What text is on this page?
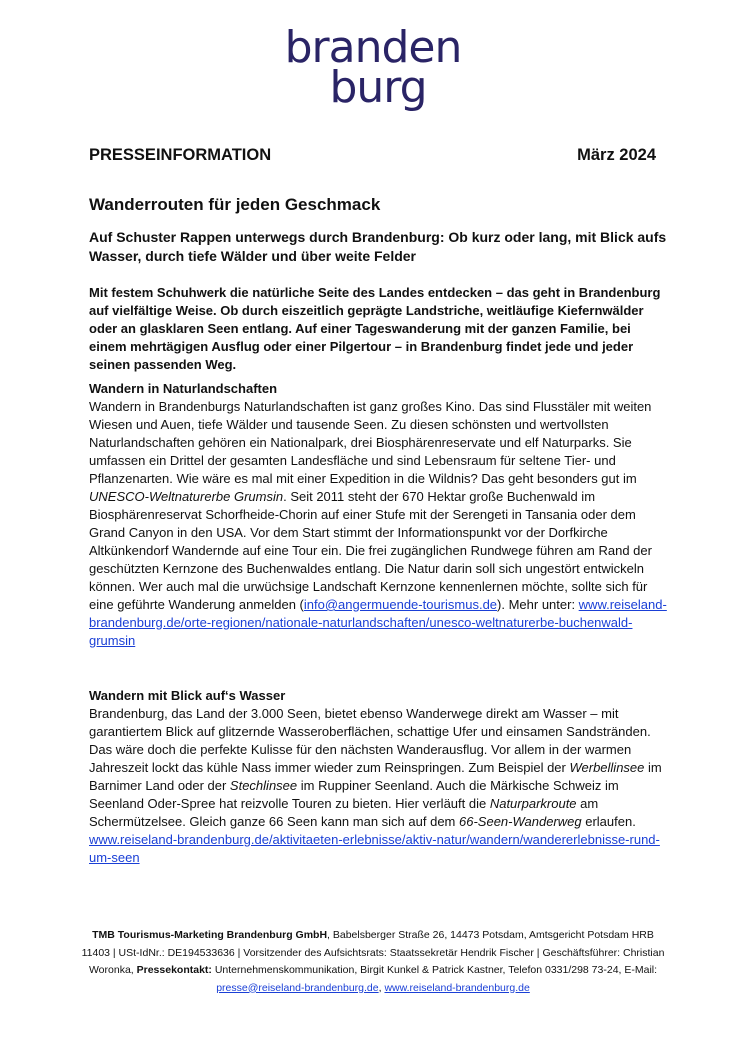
branden
burg
PRESSEINFORMATION	März 2024
Wanderrouten für jeden Geschmack
Auf Schuster Rappen unterwegs durch Brandenburg: Ob kurz oder lang, mit Blick aufs Wasser, durch tiefe Wälder und über weite Felder

Mit festem Schuhwerk die natürliche Seite des Landes entdecken – das geht in Brandenburg auf vielfältige Weise. Ob durch eiszeitlich geprägte Landstriche, weitläufige Kiefernwälder oder an glasklaren Seen entlang. Auf einer Tageswanderung mit der ganzen Familie, bei einem mehrtägigen Ausflug oder einer Pilgertour – in Brandenburg findet jede und jeder seinen passenden Weg.

Wandern in Naturlandschaften

Wandern in Brandenburgs Naturlandschaften ist ganz großes Kino. Das sind Flusstäler mit weiten Wiesen und Auen, tiefe Wälder und tausende Seen. Zu diesen schönsten und wertvollsten Naturlandschaften gehören ein Nationalpark, drei Biosphärenreservate und elf Naturparks. Sie umfassen ein Drittel der gesamten Landesfläche und sind Lebensraum für seltene Tier- und Pflanzenarten. Wie wäre es mal mit einer Expedition in die Wildnis? Das geht besonders gut im UNESCO-Weltnaturerbe Grumsin. Seit 2011 steht der 670 Hektar große Buchenwald im Biosphärenreservat Schorfheide-Chorin auf einer Stufe mit der Serengeti in Tansania oder dem Grand Canyon in den USA. Vor dem Start stimmt der Informationspunkt vor der Dorfkirche Altkünkendorf Wandernde auf eine Tour ein. Die frei zugänglichen Rundwege führen am Rand der geschützten Kernzone des Buchenwaldes entlang. Die Natur darin soll sich ungestört entwickeln können. Wer auch mal die urwüchsige Landschaft Kernzone kennenlernen möchte, sollte sich für eine geführte Wanderung anmelden (info@angermuende-tourismus.de). Mehr unter: www.reiseland-brandenburg.de/orte-regionen/nationale-naturlandschaften/unesco-weltnaturerbe-buchenwald-grumsin

Wandern mit Blick auf‘s Wasser

Brandenburg, das Land der 3.000 Seen, bietet ebenso Wanderwege direkt am Wasser – mit garantiertem Blick auf glitzernde Wasseroberflächen, schattige Ufer und einsamen Sandstränden. Das wäre doch die perfekte Kulisse für den nächsten Wanderausflug. Vor allem in der warmen Jahreszeit lockt das kühle Nass immer wieder zum Reinspringen. Zum Beispiel der Werbellinsee im Barnimer Land oder der Stechlinsee im Ruppiner Seenland. Auch die Märkische Schweiz im Seenland Oder-Spree hat reizvolle Touren zu bieten. Hier verläuft die Naturparkroute am Schermützelsee. Gleich ganze 66 Seen kann man sich auf dem 66-Seen-Wanderweg erlaufen. www.reiseland-brandenburg.de/aktivitaeten-erlebnisse/aktiv-natur/wandern/wandererlebnisse-rund-um-seen

TMB Tourismus-Marketing Brandenburg GmbH, Babelsberger Straße 26, 14473 Potsdam, Amtsgericht Potsdam HRB 11403 | USt-IdNr.: DE194533636 | Vorsitzender des Aufsichtsrats: Staatssekretär Hendrik Fischer | Geschäftsführer: Christian Woronka, Pressekontakt: Unternehmenskommunikation, Birgit Kunkel & Patrick Kastner, Telefon 0331/298 73-24, E-Mail:
presse@reiseland-brandenburg.de, www.reiseland-brandenburg.de
